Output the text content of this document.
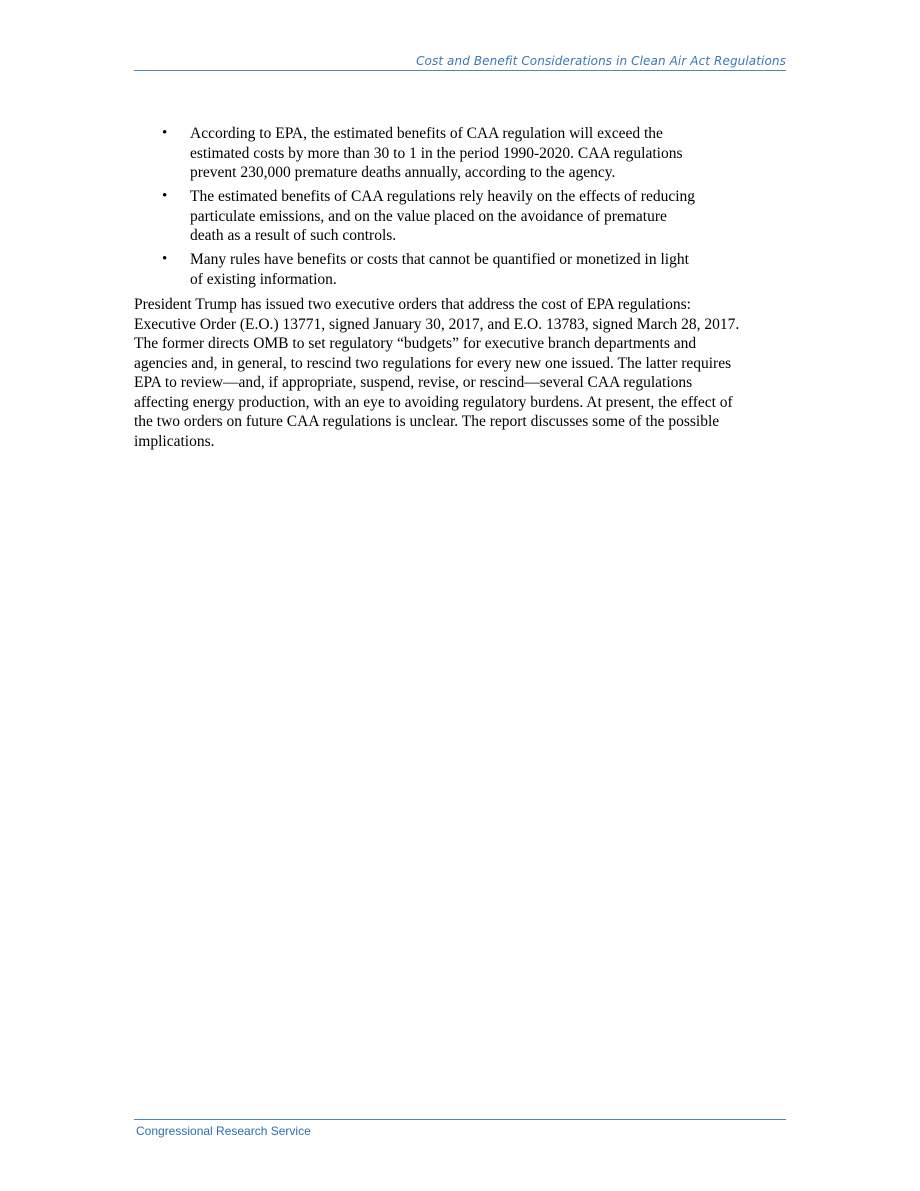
Cost and Benefit Considerations in Clean Air Act Regulations
• According to EPA, the estimated benefits of CAA regulation will exceed the
estimated costs by more than 30 to 1 in the period 1990-2020. CAA regulations
prevent 230,000 premature deaths annually, according to the agency.
• The estimated benefits of CAA regulations rely heavily on the effects of reducing
particulate emissions, and on the value placed on the avoidance of premature
death as a result of such controls.
• Many rules have benefits or costs that cannot be quantified or monetized in light
of existing information.

President Trump has issued two executive orders that address the cost of EPA regulations:
Executive Order (E.O.) 13771, signed January 30, 2017, and E.O. 13783, signed March 28, 2017.
The former directs OMB to set regulatory “budgets” for executive branch departments and
agencies and, in general, to rescind two regulations for every new one issued. The latter requires
EPA to review—and, if appropriate, suspend, revise, or rescind—several CAA regulations
affecting energy production, with an eye to avoiding regulatory burdens. At present, the effect of
the two orders on future CAA regulations is unclear. The report discusses some of the possible
implications.

Congressional Research Service
